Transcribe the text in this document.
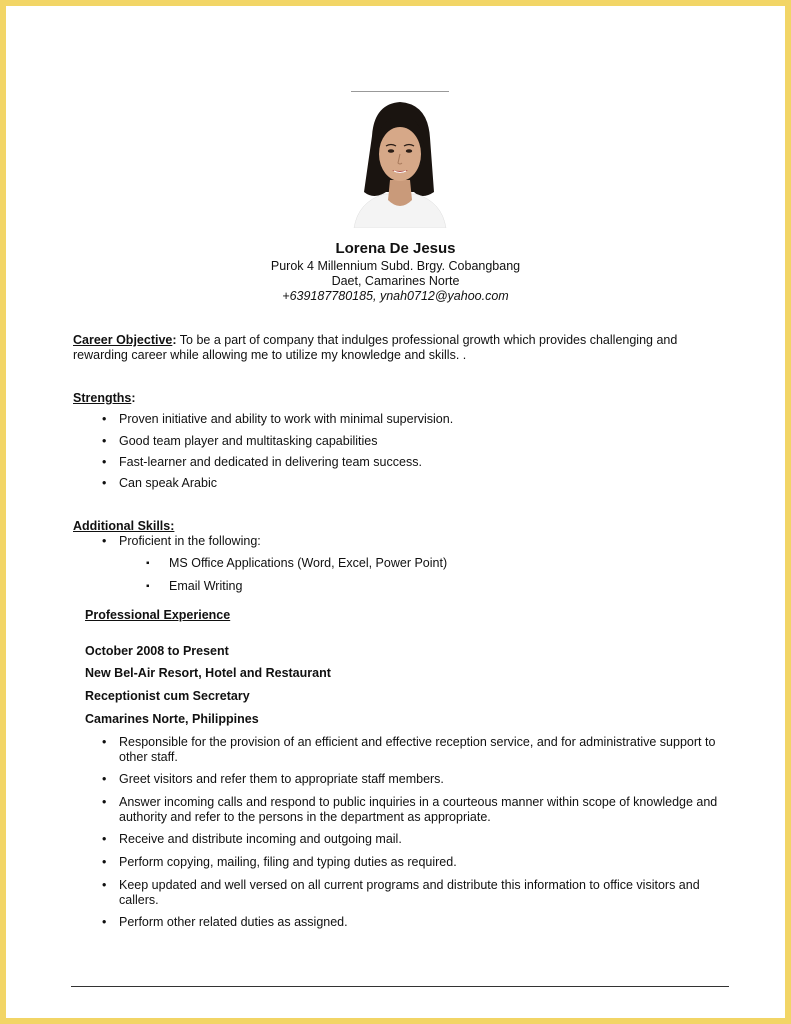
Lorena De Jesus
Purok 4 Millennium Subd. Brgy. Cobangbang
Daet, Camarines Norte
+639187780185, ynah0712@yahoo.com
Career Objective: To be a part of company that indulges professional growth which provides challenging and rewarding career while allowing me to utilize my knowledge and skills. .
Strengths:
• Proven initiative and ability to work with minimal supervision.
• Good team player and multitasking capabilities
• Fast-learner and dedicated in delivering team success.
• Can speak Arabic
Additional Skills:
• Proficient in the following:
▪ MS Office Applications (Word, Excel, Power Point)
▪ Email Writing
Professional Experience
October 2008 to Present
New Bel-Air Resort, Hotel and Restaurant
Receptionist cum Secretary
Camarines Norte, Philippines
• Responsible for the provision of an efficient and effective reception service, and for administrative support to other staff.
• Greet visitors and refer them to appropriate staff members.
• Answer incoming calls and respond to public inquiries in a courteous manner within scope of knowledge and authority and refer to the persons in the department as appropriate.
• Receive and distribute incoming and outgoing mail.
• Perform copying, mailing, filing and typing duties as required.
• Keep updated and well versed on all current programs and distribute this information to office visitors and callers.
• Perform other related duties as assigned.
